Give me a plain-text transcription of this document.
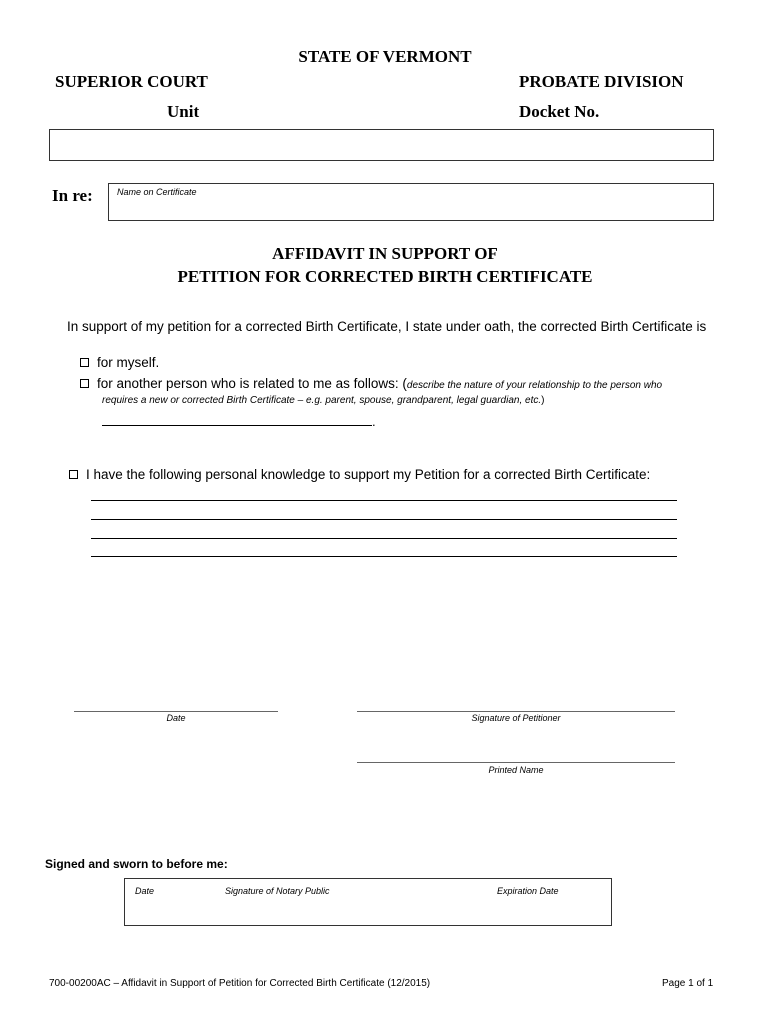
STATE OF VERMONT
SUPERIOR COURT	PROBATE DIVISION
Unit	Docket No.
In re:	Name on Certificate
AFFIDAVIT IN SUPPORT OF
PETITION FOR CORRECTED BIRTH CERTIFICATE
In support of my petition for a corrected Birth Certificate, I state under oath, the corrected Birth Certificate is
for myself.
for another person who is related to me as follows: (describe the nature of your relationship to the person who
requires a new or corrected Birth Certificate – e.g. parent, spouse, grandparent, legal guardian, etc.)
.
I have the following personal knowledge to support my Petition for a corrected Birth Certificate:
Date	Signature of Petitioner
Printed Name
Signed and sworn to before me:
Date	Signature of Notary Public	Expiration Date
700-00200AC – Affidavit in Support of Petition for Corrected Birth Certificate (12/2015)	Page 1 of 1
